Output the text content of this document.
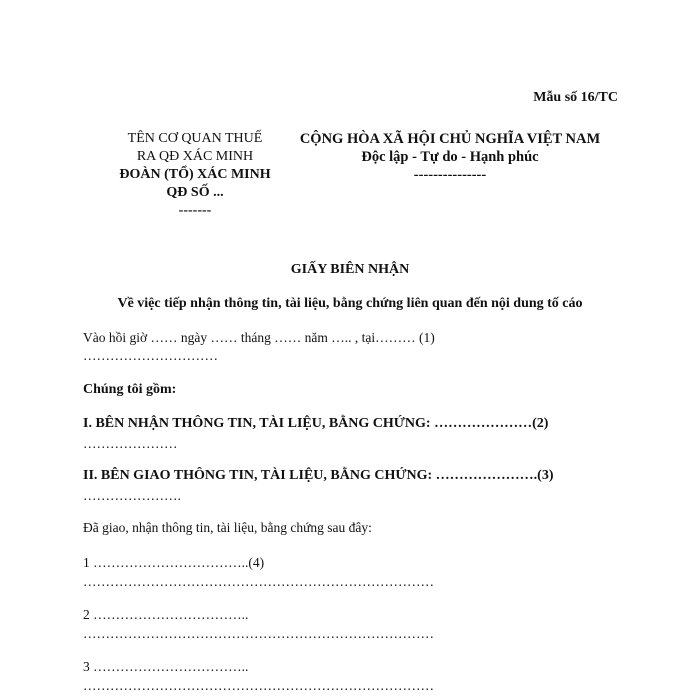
Mẫu số 16/TC
TÊN CƠ QUAN THUẾ
RA QĐ XÁC MINH
ĐOÀN (TỔ) XÁC MINH
QĐ SỐ ...
-------
CỘNG HÒA XÃ HỘI CHỦ NGHĨA VIỆT NAM
Độc lập - Tự do - Hạnh phúc
---------------
GIẤY BIÊN NHẬN
Về việc tiếp nhận thông tin, tài liệu, bằng chứng liên quan đến nội dung tố cáo
Vào hồi giờ …… ngày …… tháng …… năm ….. , tại……… (1)
…………………………
Chúng tôi gồm:
I. BÊN NHẬN THÔNG TIN, TÀI LIỆU, BẰNG CHỨNG: …………………(2)
…………………
II. BÊN GIAO THÔNG TIN, TÀI LIỆU, BẰNG CHỨNG: ………………….(3)
………………….
Đã giao, nhận thông tin, tài liệu, bằng chứng sau đây:
1 ……………………………..(4)
……………………………………………………………………
2 ……………………………..
……………………………………………………………………
3 ……………………………..
……………………………………………………………………
